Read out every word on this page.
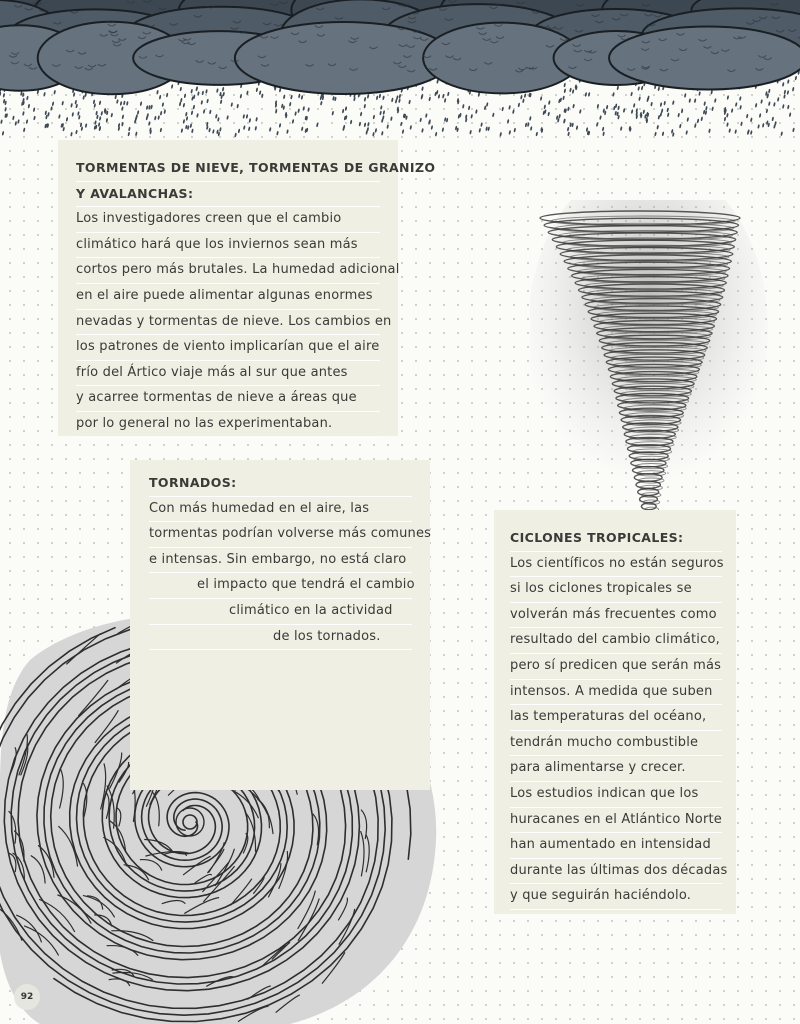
TORMENTAS DE NIEVE, TORMENTAS DE GRANIZO
Y AVALANCHAS:
Los investigadores creen que el cambio
climático hará que los inviernos sean más
cortos pero más brutales. La humedad adicional
en el aire puede alimentar algunas enormes
nevadas y tormentas de nieve. Los cambios en
los patrones de viento implicarían que el aire
frío del Ártico viaje más al sur que antes
y acarree tormentas de nieve a áreas que
por lo general no las experimentaban.
TORNADOS:
Con más humedad en el aire, las
tormentas podrían volverse más comunes
e intensas. Sin embargo, no está claro
el impacto que tendrá el cambio
climático en la actividad
de los tornados.
CICLONES TROPICALES:
Los científicos no están seguros
si los ciclones tropicales se
volverán más frecuentes como
resultado del cambio climático,
pero sí predicen que serán más
intensos. A medida que suben
las temperaturas del océano,
tendrán mucho combustible
para alimentarse y crecer.
Los estudios indican que los
huracanes en el Atlántico Norte
han aumentado en intensidad
durante las últimas dos décadas
y que seguirán haciéndolo.
92
